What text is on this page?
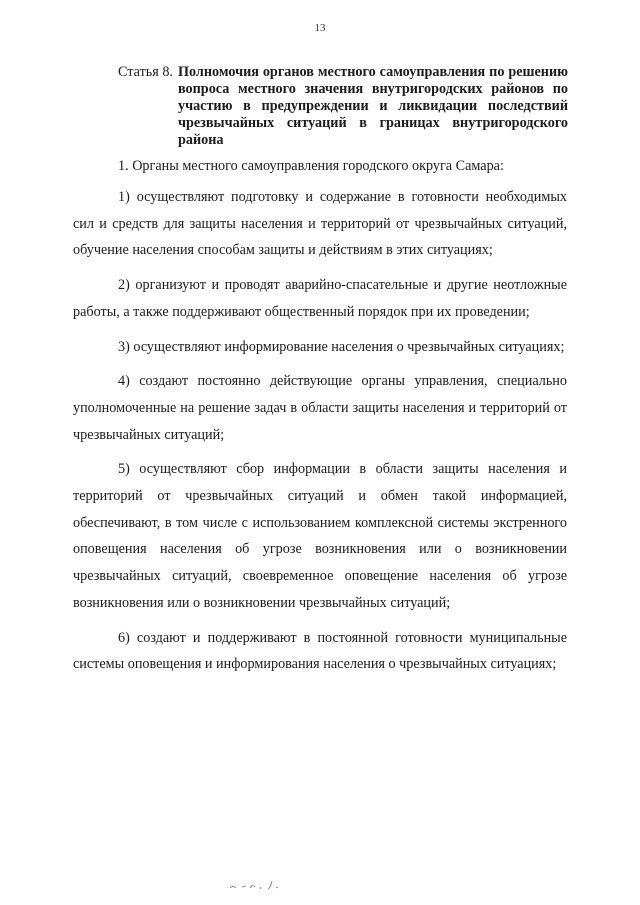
13
Статья 8. Полномочия органов местного самоуправления по решению вопроса местного значения внутригородских районов по участию в предупреждении и ликвидации последствий чрезвычайных ситуаций в границах внутригородского района
1. Органы местного самоуправления городского округа Самара:

1) осуществляют подготовку и содержание в готовности необходимых сил и средств для защиты населения и территорий от чрезвычайных ситуаций, обучение населения способам защиты и действиям в этих ситуациях;

2) организуют и проводят аварийно-спасательные и другие неотложные работы, а также поддерживают общественный порядок при их проведении;

3) осуществляют информирование населения о чрезвычайных ситуациях;

4) создают постоянно действующие органы управления, специально уполномоченные на решение задач в области защиты населения и территорий от чрезвычайных ситуаций;

5) осуществляют сбор информации в области защиты населения и территорий от чрезвычайных ситуаций и обмен такой информацией, обеспечивают, в том числе с использованием комплексной системы экстренного оповещения населения об угрозе возникновения или о возникновении чрезвычайных ситуаций, своевременное оповещение населения об угрозе возникновения или о возникновении чрезвычайных ситуаций;

6) создают и поддерживают в постоянной готовности муниципальные системы оповещения и информирования населения о чрезвычайных ситуациях;
